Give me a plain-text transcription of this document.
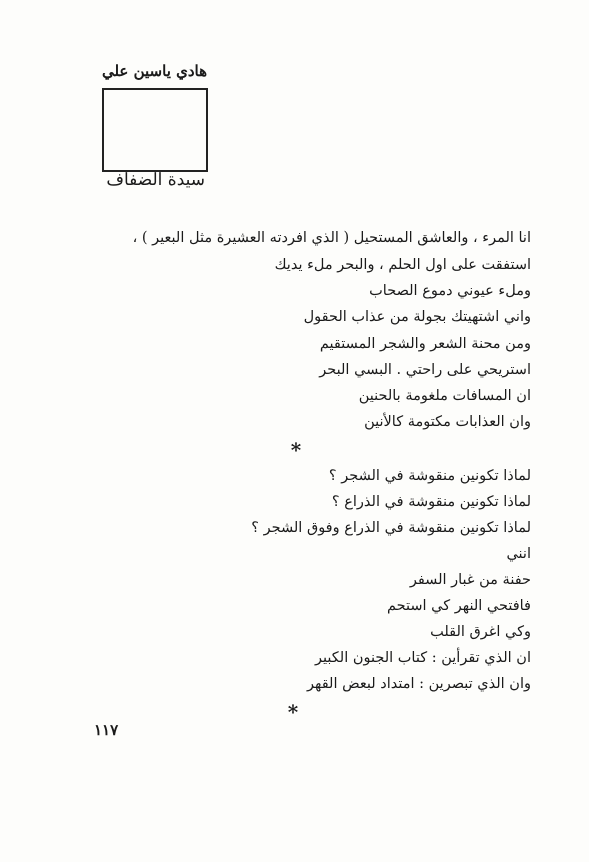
هادي ياسين علي

سيدة الضفاف

انا المرء ، والعاشق المستحيل ( الذي افردته العشيرة مثل البعير ) ،
استفقت على اول الحلم ، والبحر ملء يديك
وملء عيوني دموع الصحاب
واني اشتهيتك بجولة من عذاب الحقول
ومن محنة الشعر والشجر المستقيم
استريحي على راحتي . البسي البحر
ان المسافات ملغومة بالحنين
وان العذابات مكتومة كالأنين
لماذا تكونين منقوشة في الشجر ؟
لماذا تكونين منقوشة في الذراع ؟
لماذا تكونين منقوشة في الذراع وفوق الشجر ؟
انني
حفنة من غبار السفر
فافتحي النهر كي استحم
وكي اغرق القلب
ان الذي تقرأين : كتاب الجنون الكبير
وان الذي تبصرين : امتداد لبعض القهر
*
*
١١٧
